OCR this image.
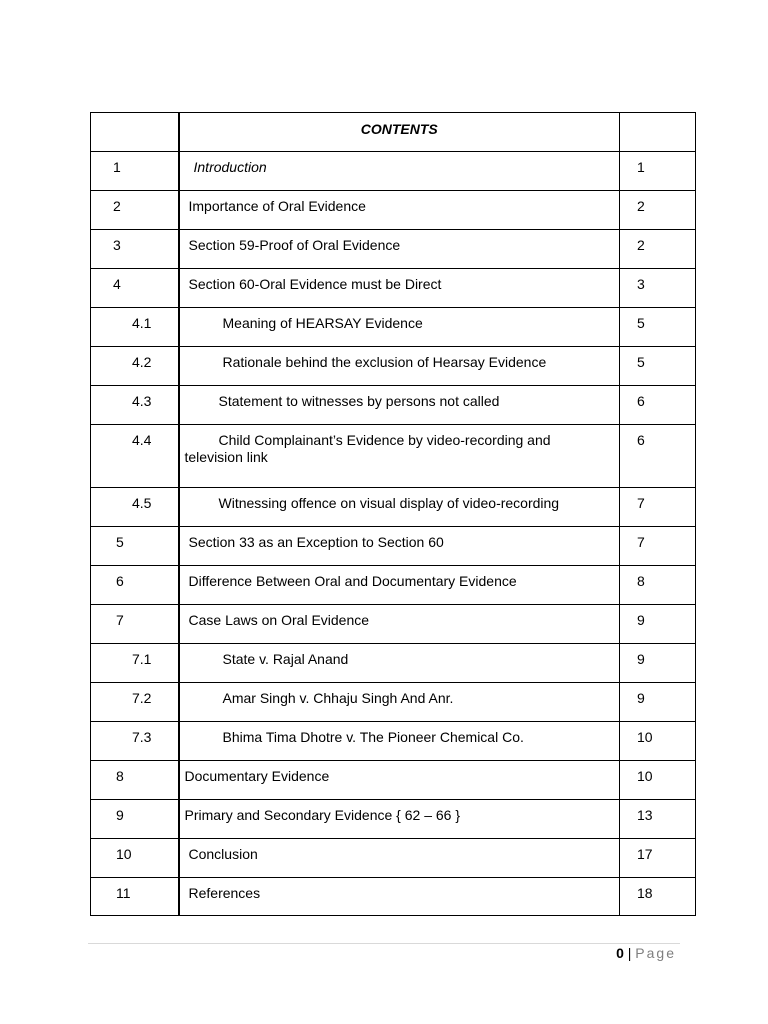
	CONTENTS	

1	Introduction	1

2	Importance of Oral Evidence	2

3	Section 59-Proof of Oral Evidence	2

4	Section 60-Oral Evidence must be Direct	3

4.1	Meaning of HEARSAY Evidence	5

4.2	Rationale behind the exclusion of Hearsay Evidence	5

4.3	Statement to witnesses by persons not called	6

4.4	Child Complainant’s Evidence by video-recording and
television link	6

4.5	Witnessing offence on visual display of video-recording	7

5	Section 33 as an Exception to Section 60	7

6	Difference Between Oral and Documentary Evidence	8

7	Case Laws on Oral Evidence	9

7.1	State v. Rajal Anand	9

7.2	Amar Singh v. Chhaju Singh And Anr.	9

7.3	Bhima Tima Dhotre v. The Pioneer Chemical Co.	10

8	Documentary Evidence	10

9	Primary and Secondary Evidence { 62 – 66 }	13

10	Conclusion	17

11	References	18
0 | Page
